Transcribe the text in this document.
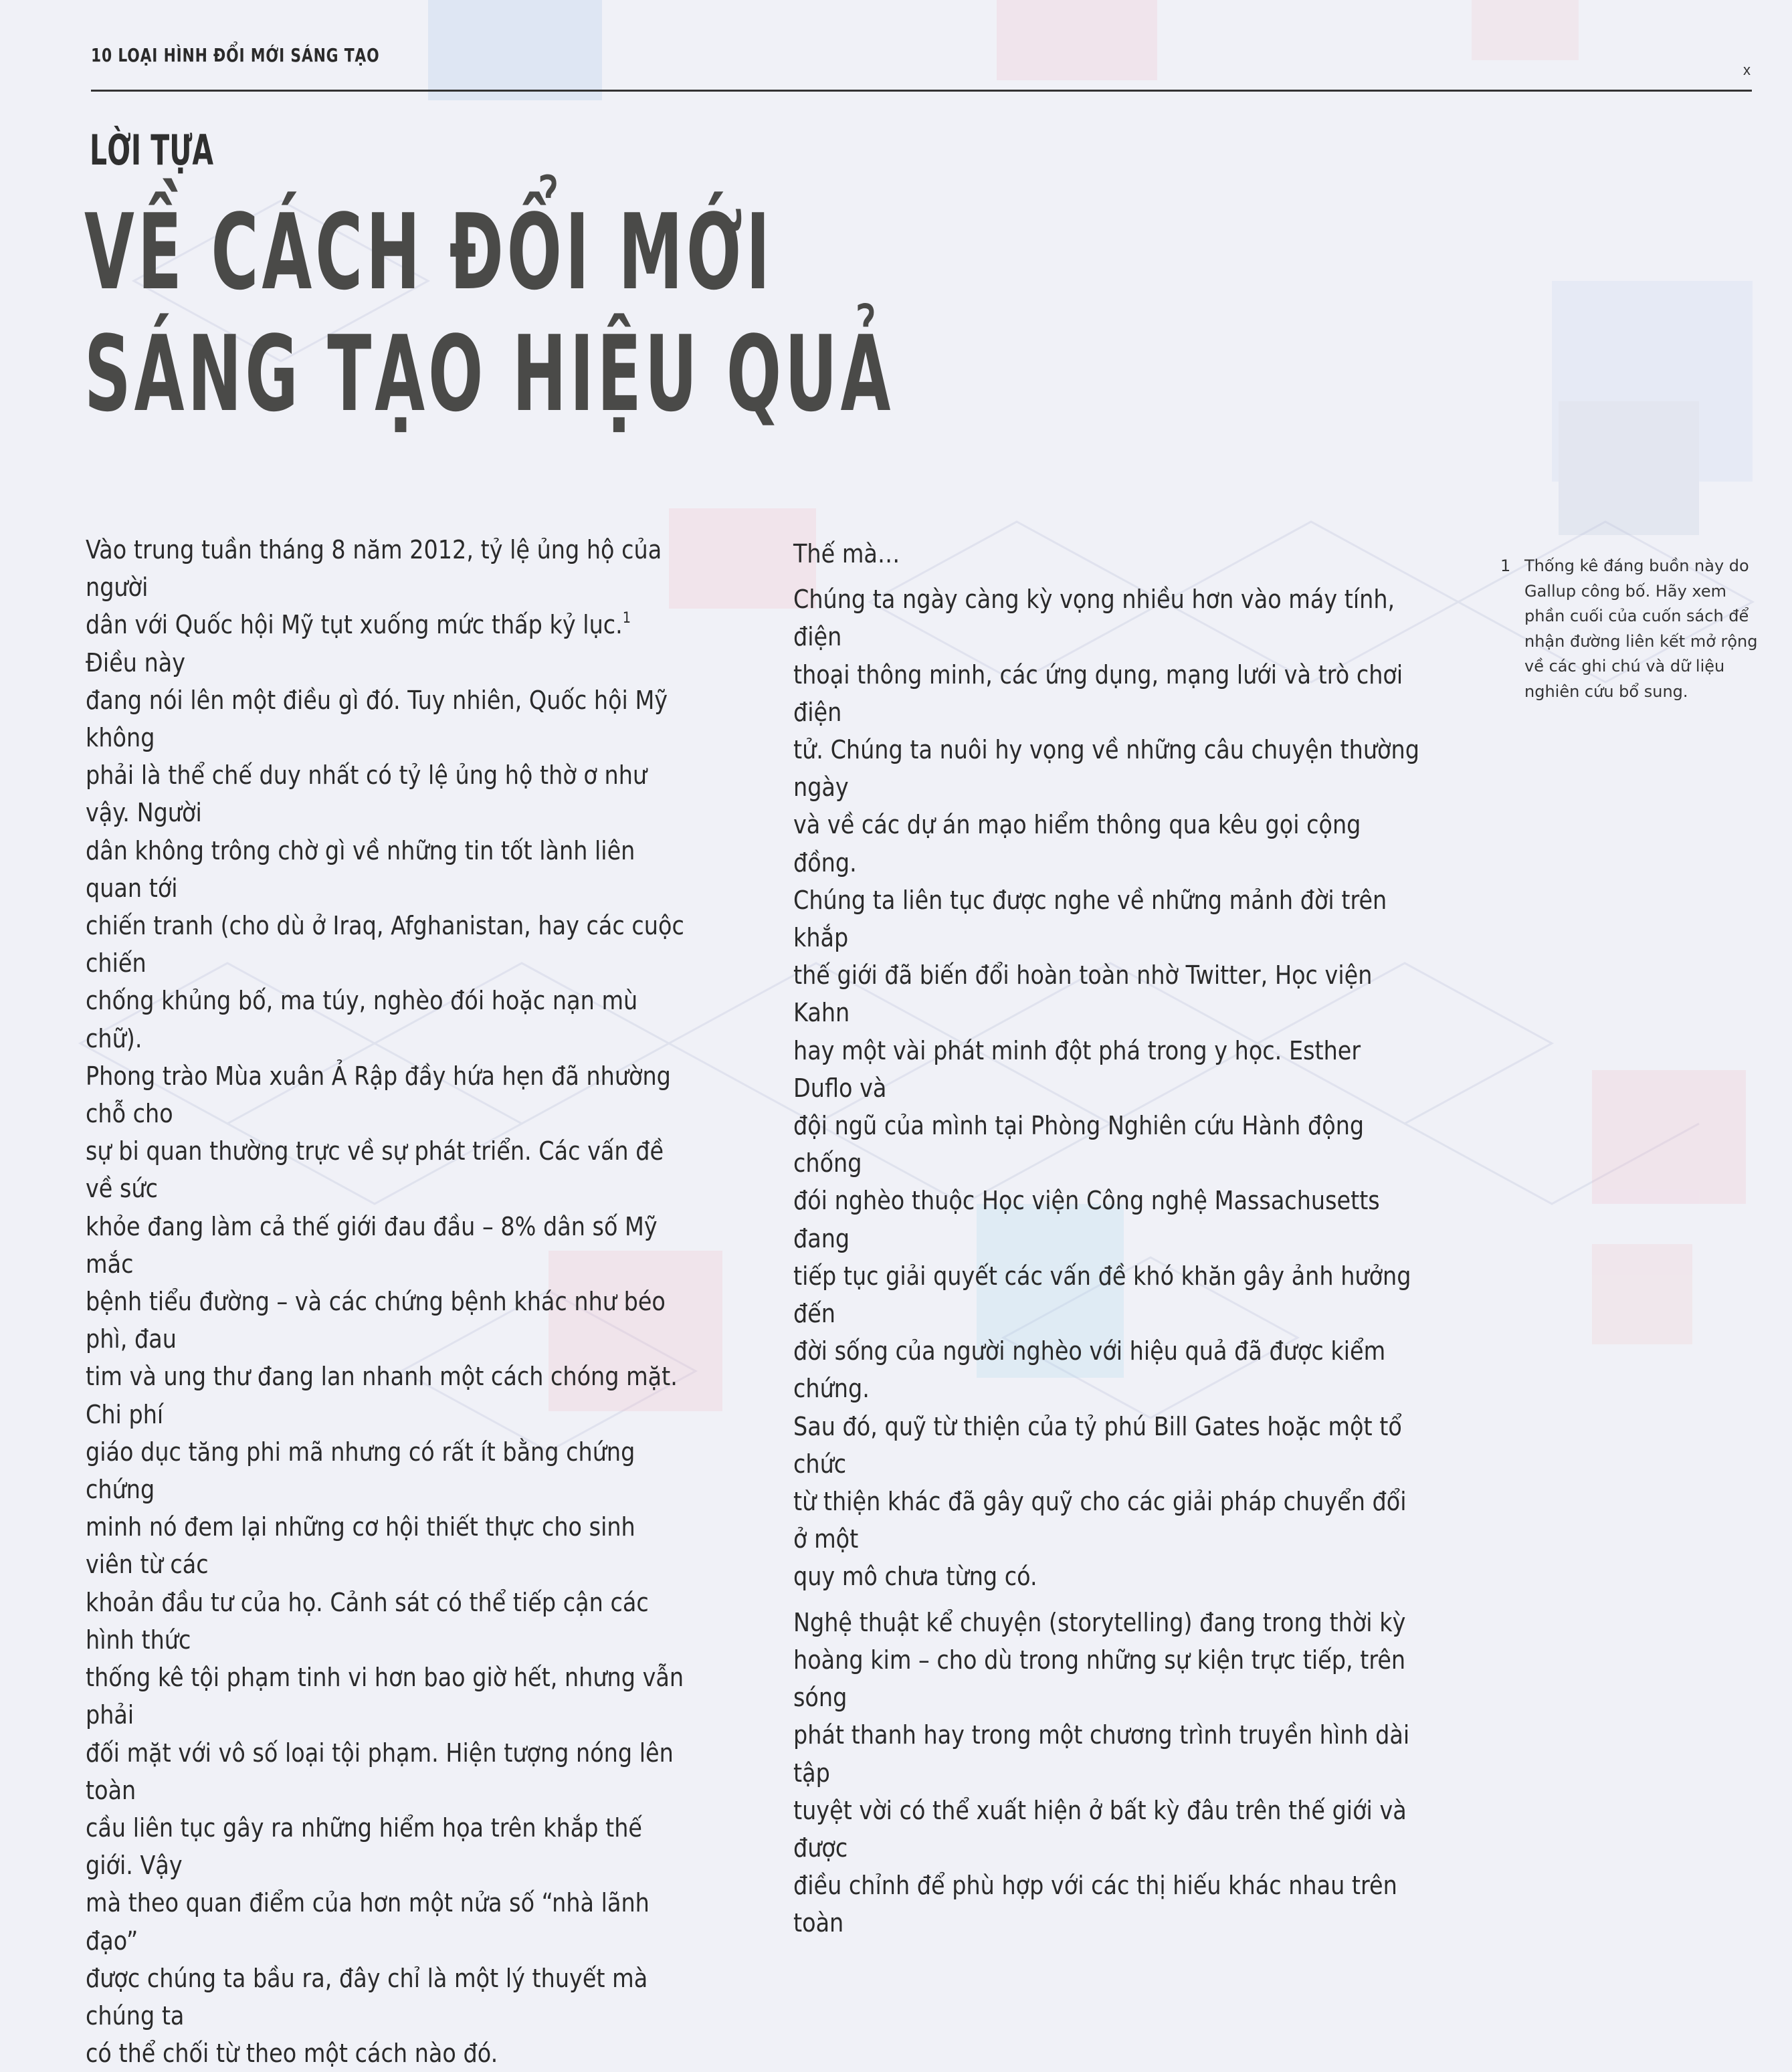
10 LOẠI HÌNH ĐỔI MỚI SÁNG TẠO
x
LỜI TỰA
VỀ CÁCH ĐỔI MỚI
SÁNG TẠO HIỆU QUẢ

Vào trung tuần tháng 8 năm 2012, tỷ lệ ủng hộ của người
dân với Quốc hội Mỹ tụt xuống mức thấp kỷ lục.$^1$ Điều này
đang nói lên một điều gì đó. Tuy nhiên, Quốc hội Mỹ không
phải là thể chế duy nhất có tỷ lệ ủng hộ thờ ơ như vậy. Người
dân không trông chờ gì về những tin tốt lành liên quan tới
chiến tranh (cho dù ở Iraq, Afghanistan, hay các cuộc chiến
chống khủng bố, ma túy, nghèo đói hoặc nạn mù chữ).
Phong trào Mùa xuân Ả Rập đầy hứa hẹn đã nhường chỗ cho
sự bi quan thường trực về sự phát triển. Các vấn đề về sức
khỏe đang làm cả thế giới đau đầu – 8% dân số Mỹ mắc
bệnh tiểu đường – và các chứng bệnh khác như béo phì, đau
tim và ung thư đang lan nhanh một cách chóng mặt. Chi phí
giáo dục tăng phi mã nhưng có rất ít bằng chứng chứng
minh nó đem lại những cơ hội thiết thực cho sinh viên từ các
khoản đầu tư của họ. Cảnh sát có thể tiếp cận các hình thức
thống kê tội phạm tinh vi hơn bao giờ hết, nhưng vẫn phải
đối mặt với vô số loại tội phạm. Hiện tượng nóng lên toàn
cầu liên tục gây ra những hiểm họa trên khắp thế giới. Vậy
mà theo quan điểm của hơn một nửa số “nhà lãnh đạo”
được chúng ta bầu ra, đây chỉ là một lý thuyết mà chúng ta
có thể chối từ theo một cách nào đó.

Thế mà…

Chúng ta ngày càng kỳ vọng nhiều hơn vào máy tính, điện
thoại thông minh, các ứng dụng, mạng lưới và trò chơi điện
tử. Chúng ta nuôi hy vọng về những câu chuyện thường ngày
và về các dự án mạo hiểm thông qua kêu gọi cộng đồng.
Chúng ta liên tục được nghe về những mảnh đời trên khắp
thế giới đã biến đổi hoàn toàn nhờ Twitter, Học viện Kahn
hay một vài phát minh đột phá trong y học. Esther Duflo và
đội ngũ của mình tại Phòng Nghiên cứu Hành động chống
đói nghèo thuộc Học viện Công nghệ Massachusetts đang
tiếp tục giải quyết các vấn đề khó khăn gây ảnh hưởng đến
đời sống của người nghèo với hiệu quả đã được kiểm chứng.
Sau đó, quỹ từ thiện của tỷ phú Bill Gates hoặc một tổ chức
từ thiện khác đã gây quỹ cho các giải pháp chuyển đổi ở một
quy mô chưa từng có.

Nghệ thuật kể chuyện (storytelling) đang trong thời kỳ
hoàng kim – cho dù trong những sự kiện trực tiếp, trên sóng
phát thanh hay trong một chương trình truyền hình dài tập
tuyệt vời có thể xuất hiện ở bất kỳ đâu trên thế giới và được
điều chỉnh để phù hợp với các thị hiếu khác nhau trên toàn

1 Thống kê đáng buồn này do
Gallup công bố. Hãy xem
phần cuối của cuốn sách để
nhận đường liên kết mở rộng
về các ghi chú và dữ liệu
nghiên cứu bổ sung.
